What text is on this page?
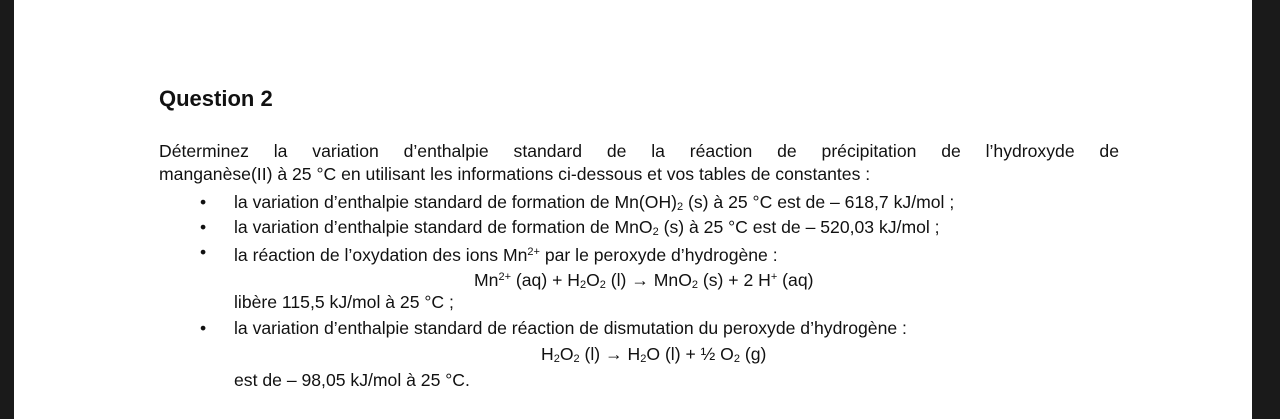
Question 2
Déterminez la variation d’enthalpie standard de la réaction de précipitation de l’hydroxyde de
manganèse(II) à 25 °C en utilisant les informations ci-dessous et vos tables de constantes :
• la variation d’enthalpie standard de formation de $Mn(OH)_2$ (s) à 25 °C est de – 618,7 kJ/mol ;
• la variation d’enthalpie standard de formation de MnO$_2$ (s) à 25 °C est de – 520,03 kJ/mol ;
• la réaction de l’oxydation des ions $Mn^{2+}$ par le peroxyde d’hydrogène :
$Mn^{2+}$ $(aq) + H_2O_2$ (l) → MnO$_2$ (s) + 2 H+ (aq)
libère 115,5 kJ/mol à 25 °C ;
• la variation d’enthalpie standard de réaction de dismutation du peroxyde d’hydrogène :
$H_2O_2$ $(l) \to H_2O$ (l) + ½ $O_2$ (g)
est de – 98,05 kJ/mol à 25 °C.
